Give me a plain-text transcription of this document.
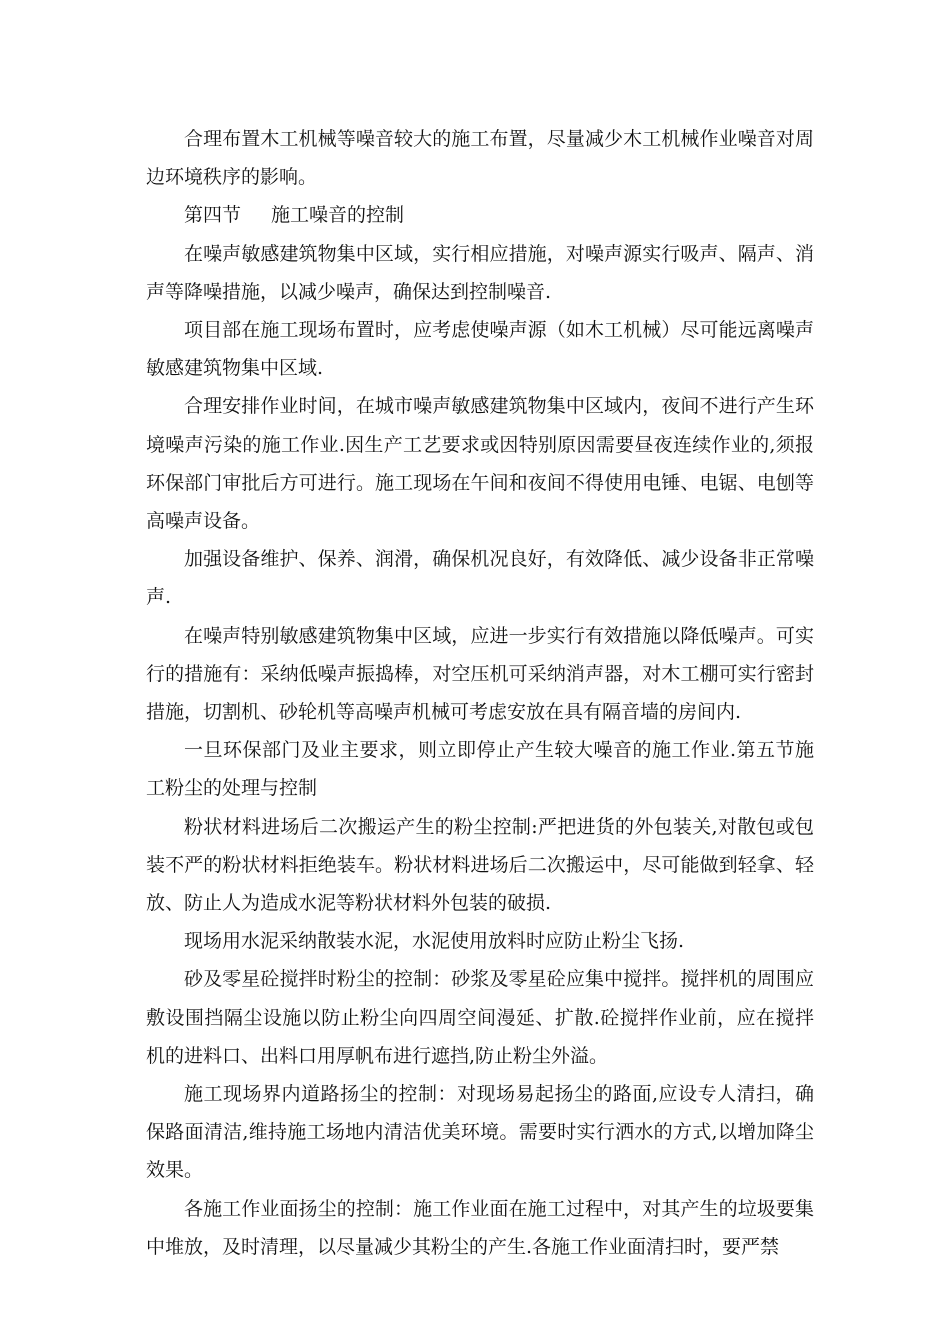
合理布置木工机械等噪音较大的施工布置，尽量减少木工机械作业噪音对周边环境秩序的影响。

第四节 施工噪音的控制

在噪声敏感建筑物集中区域，实行相应措施，对噪声源实行吸声、隔声、消声等降噪措施，以减少噪声，确保达到控制噪音.

项目部在施工现场布置时，应考虑使噪声源（如木工机械）尽可能远离噪声敏感建筑物集中区域.

合理安排作业时间，在城市噪声敏感建筑物集中区域内，夜间不进行产生环境噪声污染的施工作业.因生产工艺要求或因特别原因需要昼夜连续作业的,须报环保部门审批后方可进行。施工现场在午间和夜间不得使用电锤、电锯、电刨等高噪声设备。

加强设备维护、保养、润滑，确保机况良好，有效降低、减少设备非正常噪声.

在噪声特别敏感建筑物集中区域，应进一步实行有效措施以降低噪声。可实行的措施有：采纳低噪声振捣棒，对空压机可采纳消声器，对木工棚可实行密封措施，切割机、砂轮机等高噪声机械可考虑安放在具有隔音墙的房间内.

一旦环保部门及业主要求，则立即停止产生较大噪音的施工作业.第五节施工粉尘的处理与控制

粉状材料进场后二次搬运产生的粉尘控制:严把进货的外包装关,对散包或包装不严的粉状材料拒绝装车。粉状材料进场后二次搬运中，尽可能做到轻拿、轻放、防止人为造成水泥等粉状材料外包装的破损.

现场用水泥采纳散装水泥，水泥使用放料时应防止粉尘飞扬.

砂及零星砼搅拌时粉尘的控制：砂浆及零星砼应集中搅拌。搅拌机的周围应敷设围挡隔尘设施以防止粉尘向四周空间漫延、扩散.砼搅拌作业前，应在搅拌机的进料口、出料口用厚帆布进行遮挡,防止粉尘外溢。

施工现场界内道路扬尘的控制：对现场易起扬尘的路面,应设专人清扫，确保路面清洁,维持施工场地内清洁优美环境。需要时实行洒水的方式,以增加降尘效果。

各施工作业面扬尘的控制：施工作业面在施工过程中，对其产生的垃圾要集中堆放，及时清理，以尽量减少其粉尘的产生.各施工作业面清扫时，要严禁
